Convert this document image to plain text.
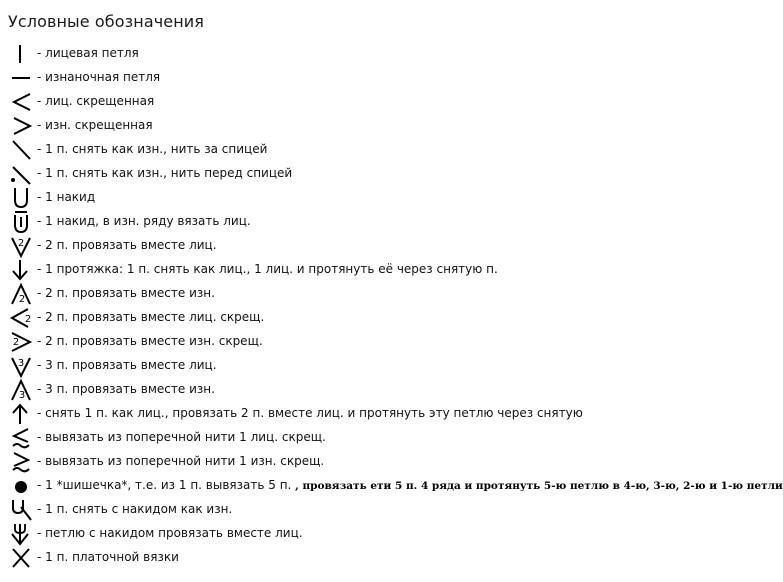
Условные обозначения
- лицевая петля
- изнаночная петля
- лиц. скрещенная
- изн. скрещенная
- 1 п. снять как изн., нить за спицей
- 1 п. снять как изн., нить перед спицей
- 1 накид
- 1 накид, в изн. ряду вязать лиц.
2 - 2 п. провязать вместе лиц.
- 1 протяжка: 1 п. снять как лиц., 1 лиц. и протянуть её через снятую п.
2 - 2 п. провязать вместе изн.
2 - 2 п. провязать вместе лиц. скрещ.
2 - 2 п. провязать вместе изн. скрещ.
3 - 3 п. провязать вместе лиц.
3 - 3 п. провязать вместе изн.
- снять 1 п. как лиц., провязать 2 п. вместе лиц. и протянуть эту петлю через снятую
- вывязать из поперечной нити 1 лиц. скрещ.
- вывязать из поперечной нити 1 изн. скрещ.
- 1 *шишечка*, т.е. из 1 п. вывязать 5 п. , провязать ети 5 п. 4 ряда и протянуть 5-ю петлю в 4-ю, 3-ю, 2-ю и 1-ю петли
- 1 п. снять с накидом как изн.
- петлю с накидом провязать вместе лиц.
- 1 п. платочной вязки
